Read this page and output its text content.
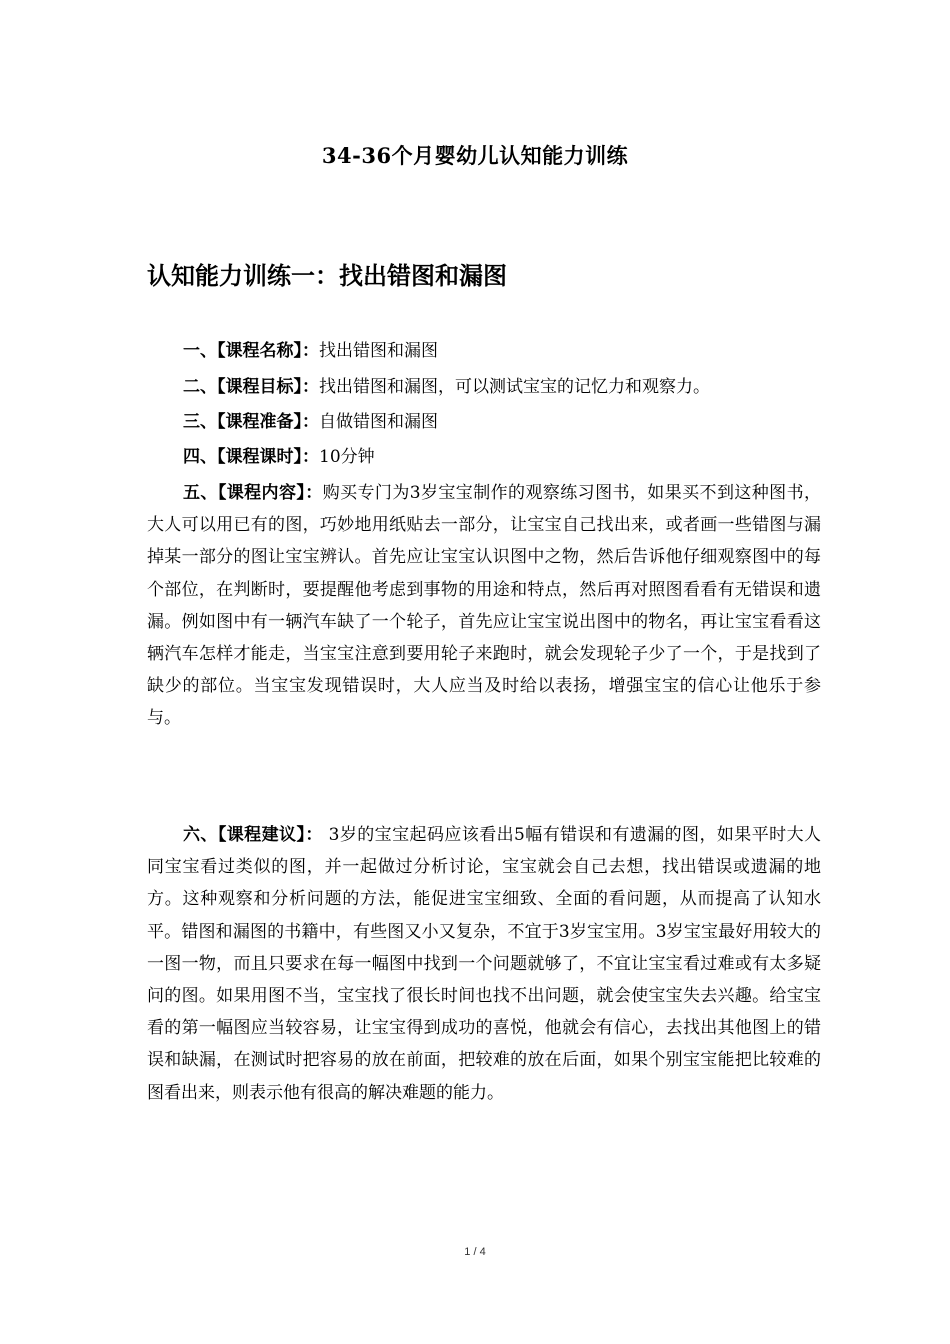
34-36个月婴幼儿认知能力训练
认知能力训练一：找出错图和漏图

一、【课程名称】：找出错图和漏图

二、【课程目标】：找出错图和漏图，可以测试宝宝的记忆力和观察力。

三、【课程准备】：自做错图和漏图

四、【课程课时】：10分钟

五、【课程内容】：购买专门为3岁宝宝制作的观察练习图书，如果买不到这种图书，大人可以用已有的图，巧妙地用纸贴去一部分，让宝宝自己找出来，或者画一些错图与漏掉某一部分的图让宝宝辨认。首先应让宝宝认识图中之物，然后告诉他仔细观察图中的每个部位，在判断时，要提醒他考虑到事物的用途和特点，然后再对照图看看有无错误和遗漏。例如图中有一辆汽车缺了一个轮子，首先应让宝宝说出图中的物名，再让宝宝看看这辆汽车怎样才能走，当宝宝注意到要用轮子来跑时，就会发现轮子少了一个，于是找到了缺少的部位。当宝宝发现错误时，大人应当及时给以表扬，增强宝宝的信心让他乐于参与。

六、【课程建议】： 3岁的宝宝起码应该看出5幅有错误和有遗漏的图，如果平时大人同宝宝看过类似的图，并一起做过分析讨论，宝宝就会自己去想，找出错误或遗漏的地方。这种观察和分析问题的方法，能促进宝宝细致、全面的看问题，从而提高了认知水平。错图和漏图的书籍中，有些图又小又复杂，不宜于3岁宝宝用。3岁宝宝最好用较大的一图一物，而且只要求在每一幅图中找到一个问题就够了，不宜让宝宝看过难或有太多疑问的图。如果用图不当，宝宝找了很长时间也找不出问题，就会使宝宝失去兴趣。给宝宝看的第一幅图应当较容易，让宝宝得到成功的喜悦，他就会有信心，去找出其他图上的错误和缺漏，在测试时把容易的放在前面，把较难的放在后面，如果个别宝宝能把比较难的图看出来，则表示他有很高的解决难题的能力。

1 / 4
